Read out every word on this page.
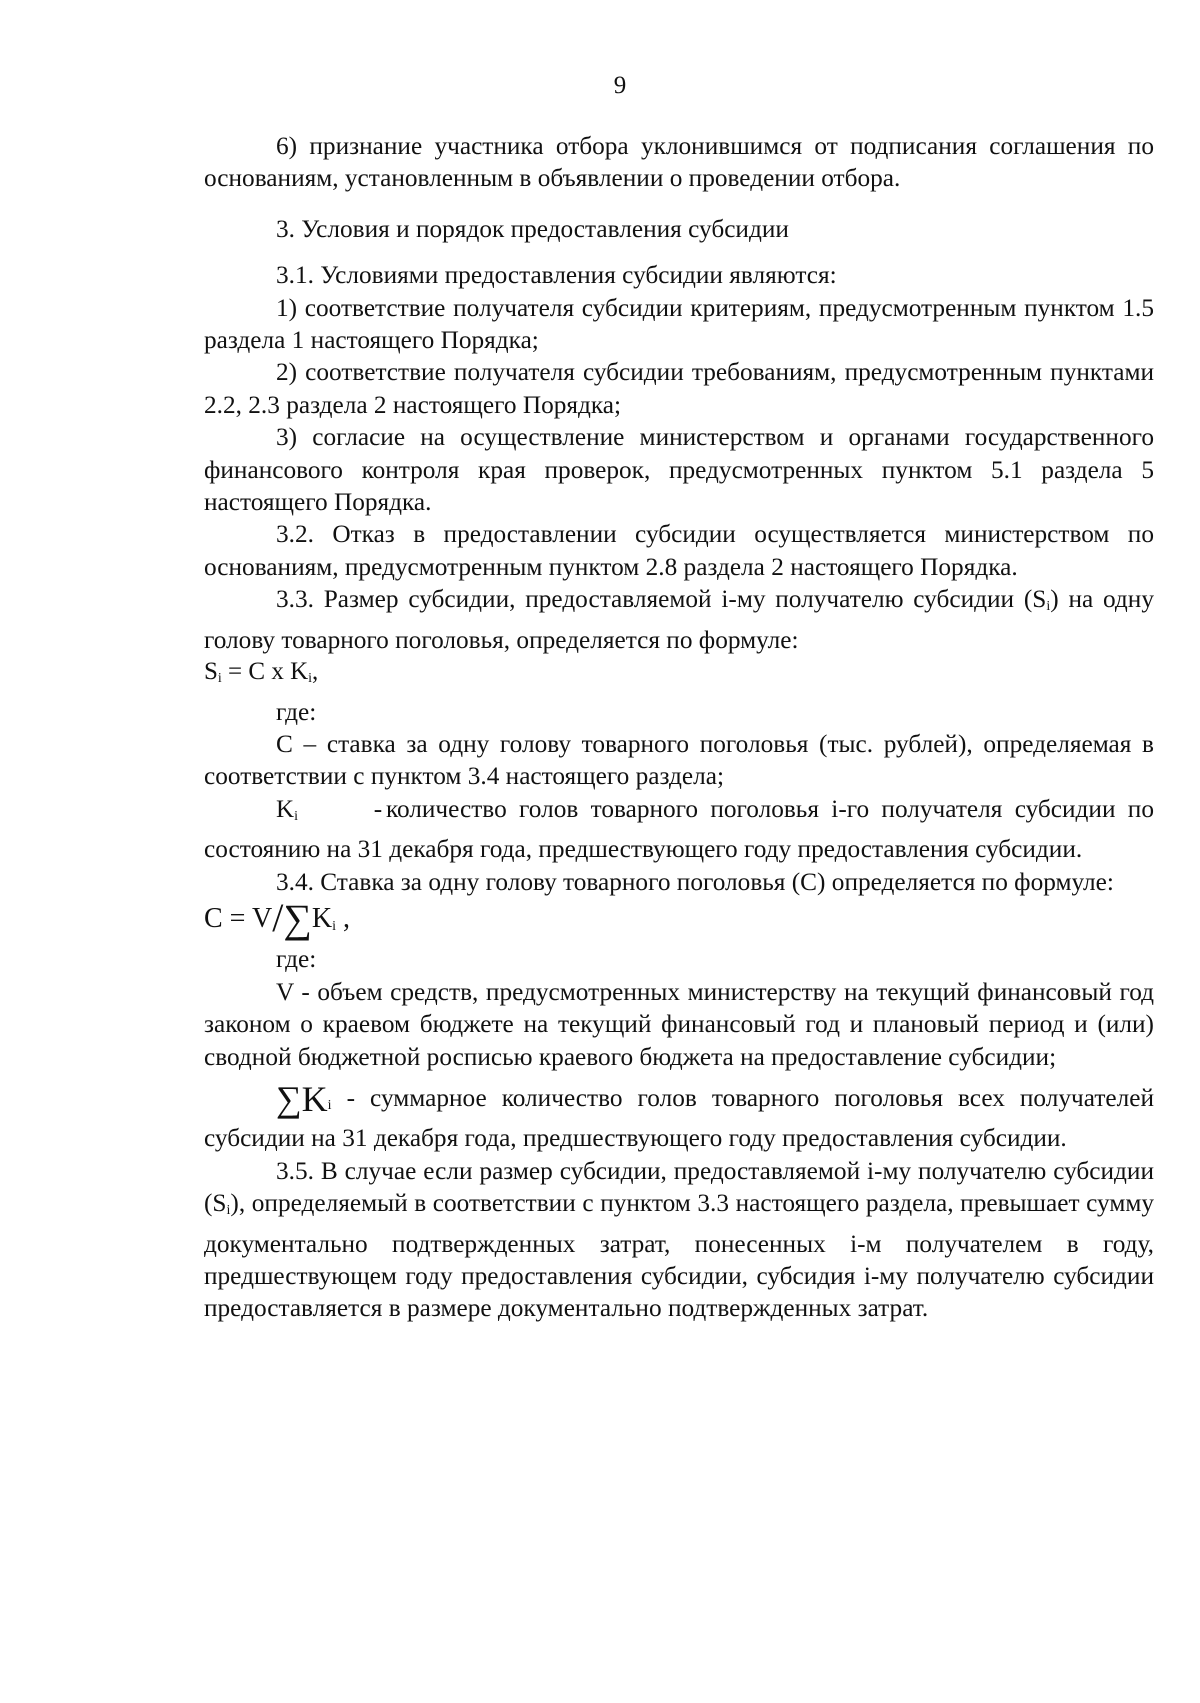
9

6) признание участника отбора уклонившимся от подписания соглашения по основаниям, установленным в объявлении о проведении отбора.

3. Условия и порядок предоставления субсидии

3.1. Условиями предоставления субсидии являются:

1) соответствие получателя субсидии критериям, предусмотренным пунктом 1.5 раздела 1 настоящего Порядка;

2) соответствие получателя субсидии требованиям, предусмотренным пунктами 2.2, 2.3 раздела 2 настоящего Порядка;

3) согласие на осуществление министерством и органами государственного финансового контроля края проверок, предусмотренных пунктом 5.1 раздела 5 настоящего Порядка.

3.2. Отказ в предоставлении субсидии осуществляется министерством по основаниям, предусмотренным пунктом 2.8 раздела 2 настоящего Порядка.

3.3. Размер субсидии, предоставляемой i-му получателю субсидии $(S_i)$ на одну голову товарного поголовья, определяется по формуле:

$S_i = C$ x $K_i$,

где:

С – ставка за одну голову товарного поголовья (тыс. рублей), определяемая в соответствии с пунктом 3.4 настоящего раздела;

$K_i$	- количество голов товарного поголовья i-го получателя субсидии по состоянию на 31 декабря года, предшествующего году предоставления субсидии.

3.4. Ставка за одну голову товарного поголовья (С) определяется по формуле:

$C = V/\sum K_i$ ,

где:

V - объем средств, предусмотренных министерству на текущий финансовый год законом о краевом бюджете на текущий финансовый год и плановый период и (или) сводной бюджетной росписью краевого бюджета на предоставление субсидии;

$\sum K_i$ - суммарное количество голов товарного поголовья всех получателей субсидии на 31 декабря года, предшествующего году предоставления субсидии.

3.5. В случае если размер субсидии, предоставляемой i-му получателю субсидии $(S_i)$, определяемый в соответствии с пунктом 3.3 настоящего раздела, превышает сумму документально подтвержденных затрат, понесенных i-м получателем в году, предшествующем году предоставления субсидии, субсидия i-му получателю субсидии предоставляется в размере документально подтвержденных затрат.
